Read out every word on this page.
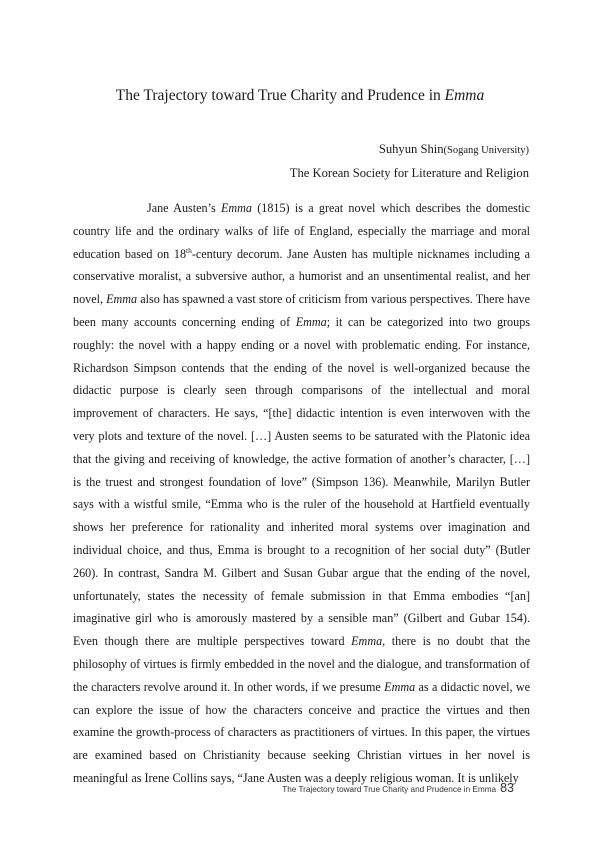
The Trajectory toward True Charity and Prudence in Emma
Suhyun Shin(Sogang University)
The Korean Society for Literature and Religion

Jane Austen’s Emma (1815) is a great novel which describes the domestic country life and the ordinary walks of life of England, especially the marriage and moral education based on 18th-century decorum. Jane Austen has multiple nicknames including a conservative moralist, a subversive author, a humorist and an unsentimental realist, and her novel, Emma also has spawned a vast store of criticism from various perspectives. There have been many accounts concerning ending of Emma; it can be categorized into two groups roughly: the novel with a happy ending or a novel with problematic ending. For instance, Richardson Simpson contends that the ending of the novel is well-organized because the didactic purpose is clearly seen through comparisons of the intellectual and moral improvement of characters. He says, “[the] didactic intention is even interwoven with the very plots and texture of the novel. […] Austen seems to be saturated with the Platonic idea that the giving and receiving of knowledge, the active formation of another’s character, […] is the truest and strongest foundation of love” (Simpson 136). Meanwhile, Marilyn Butler says with a wistful smile, “Emma who is the ruler of the household at Hartfield eventually shows her preference for rationality and inherited moral systems over imagination and individual choice, and thus, Emma is brought to a recognition of her social duty” (Butler 260). In contrast, Sandra M. Gilbert and Susan Gubar argue that the ending of the novel, unfortunately, states the necessity of female submission in that Emma embodies “[an] imaginative girl who is amorously mastered by a sensible man” (Gilbert and Gubar 154). Even though there are multiple perspectives toward Emma, there is no doubt that the philosophy of virtues is firmly embedded in the novel and the dialogue, and transformation of the characters revolve around it. In other words, if we presume Emma as a didactic novel, we can explore the issue of how the characters conceive and practice the virtues and then examine the growth-process of characters as practitioners of virtues. In this paper, the virtues are examined based on Christianity because seeking Christian virtues in her novel is meaningful as Irene Collins says, “Jane Austen was a deeply religious woman. It is unlikely

The Trajectory toward True Charity and Prudence in Emma 83
